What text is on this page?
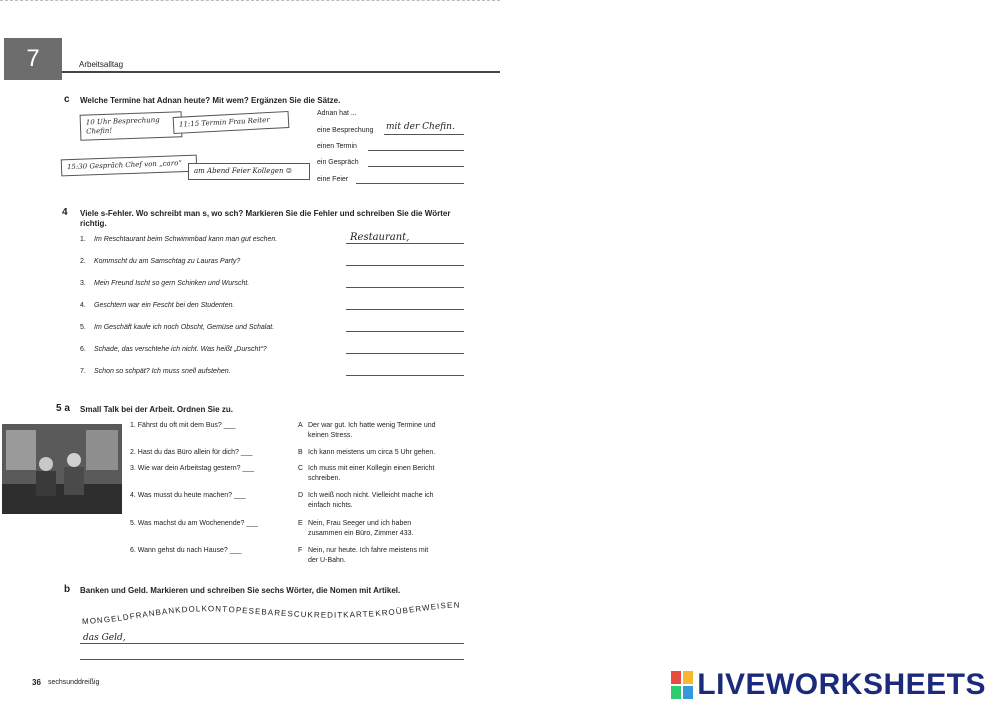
7	Arbeitsalltag
c Welche Termine hat Adnan heute? Mit wem? Ergänzen Sie die Sätze.
10 Uhr Besprechung Chefin!
11:15 Termin Frau Reiter
15:30 Gespräch Chef von „caro“	am Abend Feier Kollegen ☺
Adnan hat ...
eine Besprechung mit der Chefin.
einen Termin
ein Gespräch
eine Feier
4 Viele s-Fehler. Wo schreibt man s, wo sch? Markieren Sie die Fehler und schreiben Sie die Wörter
richtig.
1. Im Reschtaurant beim Schwimmbad kann man gut eschen.	Restaurant,
2. Kommscht du am Samschtag zu Lauras Party?
3. Mein Freund Ischt so gern Schinken und Wurscht.
4. Geschtern war ein Fescht bei den Studenten.
5. Im Geschäft kaufe ich noch Obscht, Gemüse und Schalat.
6. Schade, das verschtehe ich nicht. Was heißt „Durscht“?
7. Schon so schpät? Ich muss snell aufstehen.
5 a Small Talk bei der Arbeit. Ordnen Sie zu.
1. Fährst du oft mit dem Bus? ___
2. Hast du das Büro allein für dich? ___
3. Wie war dein Arbeitstag gestern? ___
4. Was musst du heute machen? ___
5. Was machst du am Wochenende? ___
6. Wann gehst du nach Hause? ___
A Der war gut. Ich hatte wenig Termine und
keinen Stress.
B Ich kann meistens um circa 5 Uhr gehen.
C Ich muss mit einer Kollegin einen Bericht
schreiben.
D Ich weiß noch nicht. Vielleicht mache ich
einfach nichts.
E Nein, Frau Seeger und ich haben
zusammen ein Büro, Zimmer 433.
F Nein, nur heute. Ich fahre meistens mit
der U-Bahn.
b Banken und Geld. Markieren und schreiben Sie sechs Wörter, die Nomen mit Artikel.
MONGELDFRANBANKDOLKONTOPESEBARESCUKREDITKARTEKROÜBERWEISEN
das Geld,
36 sechsunddreißig	LIVEWORKSHEETS
